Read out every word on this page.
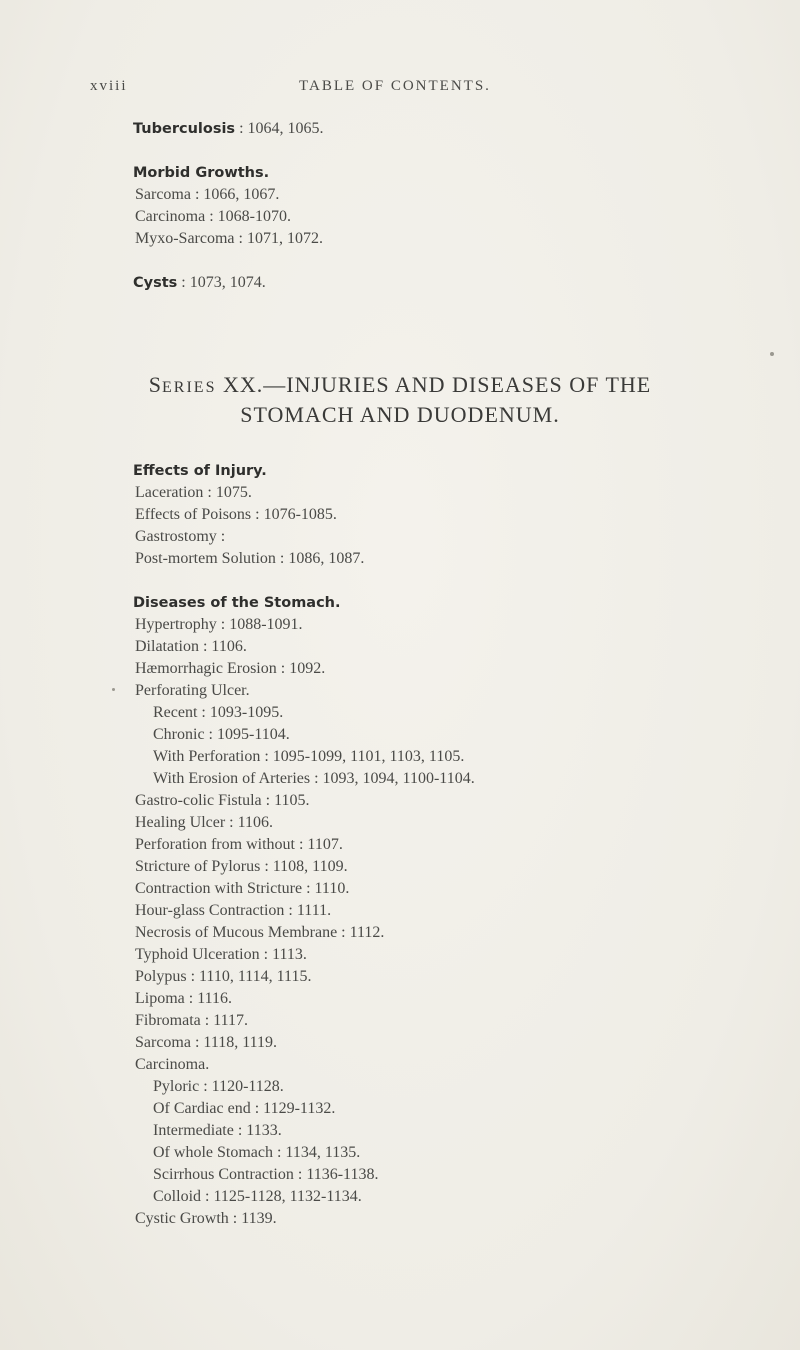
xviii	TABLE OF CONTENTS.
Tuberculosis : 1064, 1065.
Morbid Growths.
Sarcoma : 1066, 1067.
Carcinoma : 1068-1070.
Myxo-Sarcoma : 1071, 1072.
Cysts : 1073, 1074.
SERIES XX.—INJURIES AND DISEASES OF THE
STOMACH AND DUODENUM.
Effects of Injury.
Laceration : 1075.
Effects of Poisons : 1076-1085.
Gastrostomy :
Post-mortem Solution : 1086, 1087.
Diseases of the Stomach.
Hypertrophy : 1088-1091.
Dilatation : 1106.
Hæmorrhagic Erosion : 1092.
Perforating Ulcer.
Recent : 1093-1095.
Chronic : 1095-1104.
With Perforation : 1095-1099, 1101, 1103, 1105.
With Erosion of Arteries : 1093, 1094, 1100-1104.
Gastro-colic Fistula : 1105.
Healing Ulcer : 1106.
Perforation from without : 1107.
Stricture of Pylorus : 1108, 1109.
Contraction with Stricture : 1110.
Hour-glass Contraction : 1111.
Necrosis of Mucous Membrane : 1112.
Typhoid Ulceration : 1113.
Polypus : 1110, 1114, 1115.
Lipoma : 1116.
Fibromata : 1117.
Sarcoma : 1118, 1119.
Carcinoma.
Pyloric : 1120-1128.
Of Cardiac end : 1129-1132.
Intermediate : 1133.
Of whole Stomach : 1134, 1135.
Scirrhous Contraction : 1136-1138.
Colloid : 1125-1128, 1132-1134.
Cystic Growth : 1139.
